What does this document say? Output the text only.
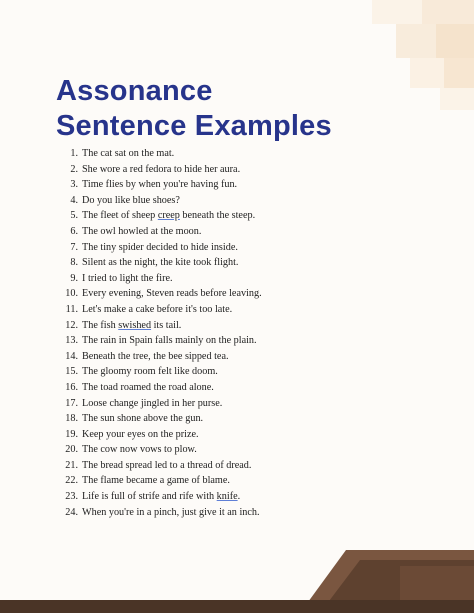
Assonance
Sentence Examples
1. The cat sat on the mat.
2. She wore a red fedora to hide her aura.
3. Time flies by when you're having fun.
4. Do you like blue shoes?
5. The fleet of sheep creep beneath the steep.
6. The owl howled at the moon.
7. The tiny spider decided to hide inside.
8. Silent as the night, the kite took flight.
9. I tried to light the fire.
10. Every evening, Steven reads before leaving.
11. Let's make a cake before it's too late.
12. The fish swished its tail.
13. The rain in Spain falls mainly on the plain.
14. Beneath the tree, the bee sipped tea.
15. The gloomy room felt like doom.
16. The toad roamed the road alone.
17. Loose change jingled in her purse.
18. The sun shone above the gun.
19. Keep your eyes on the prize.
20. The cow now vows to plow.
21. The bread spread led to a thread of dread.
22. The flame became a game of blame.
23. Life is full of strife and rife with knife.
24. When you're in a pinch, just give it an inch.
